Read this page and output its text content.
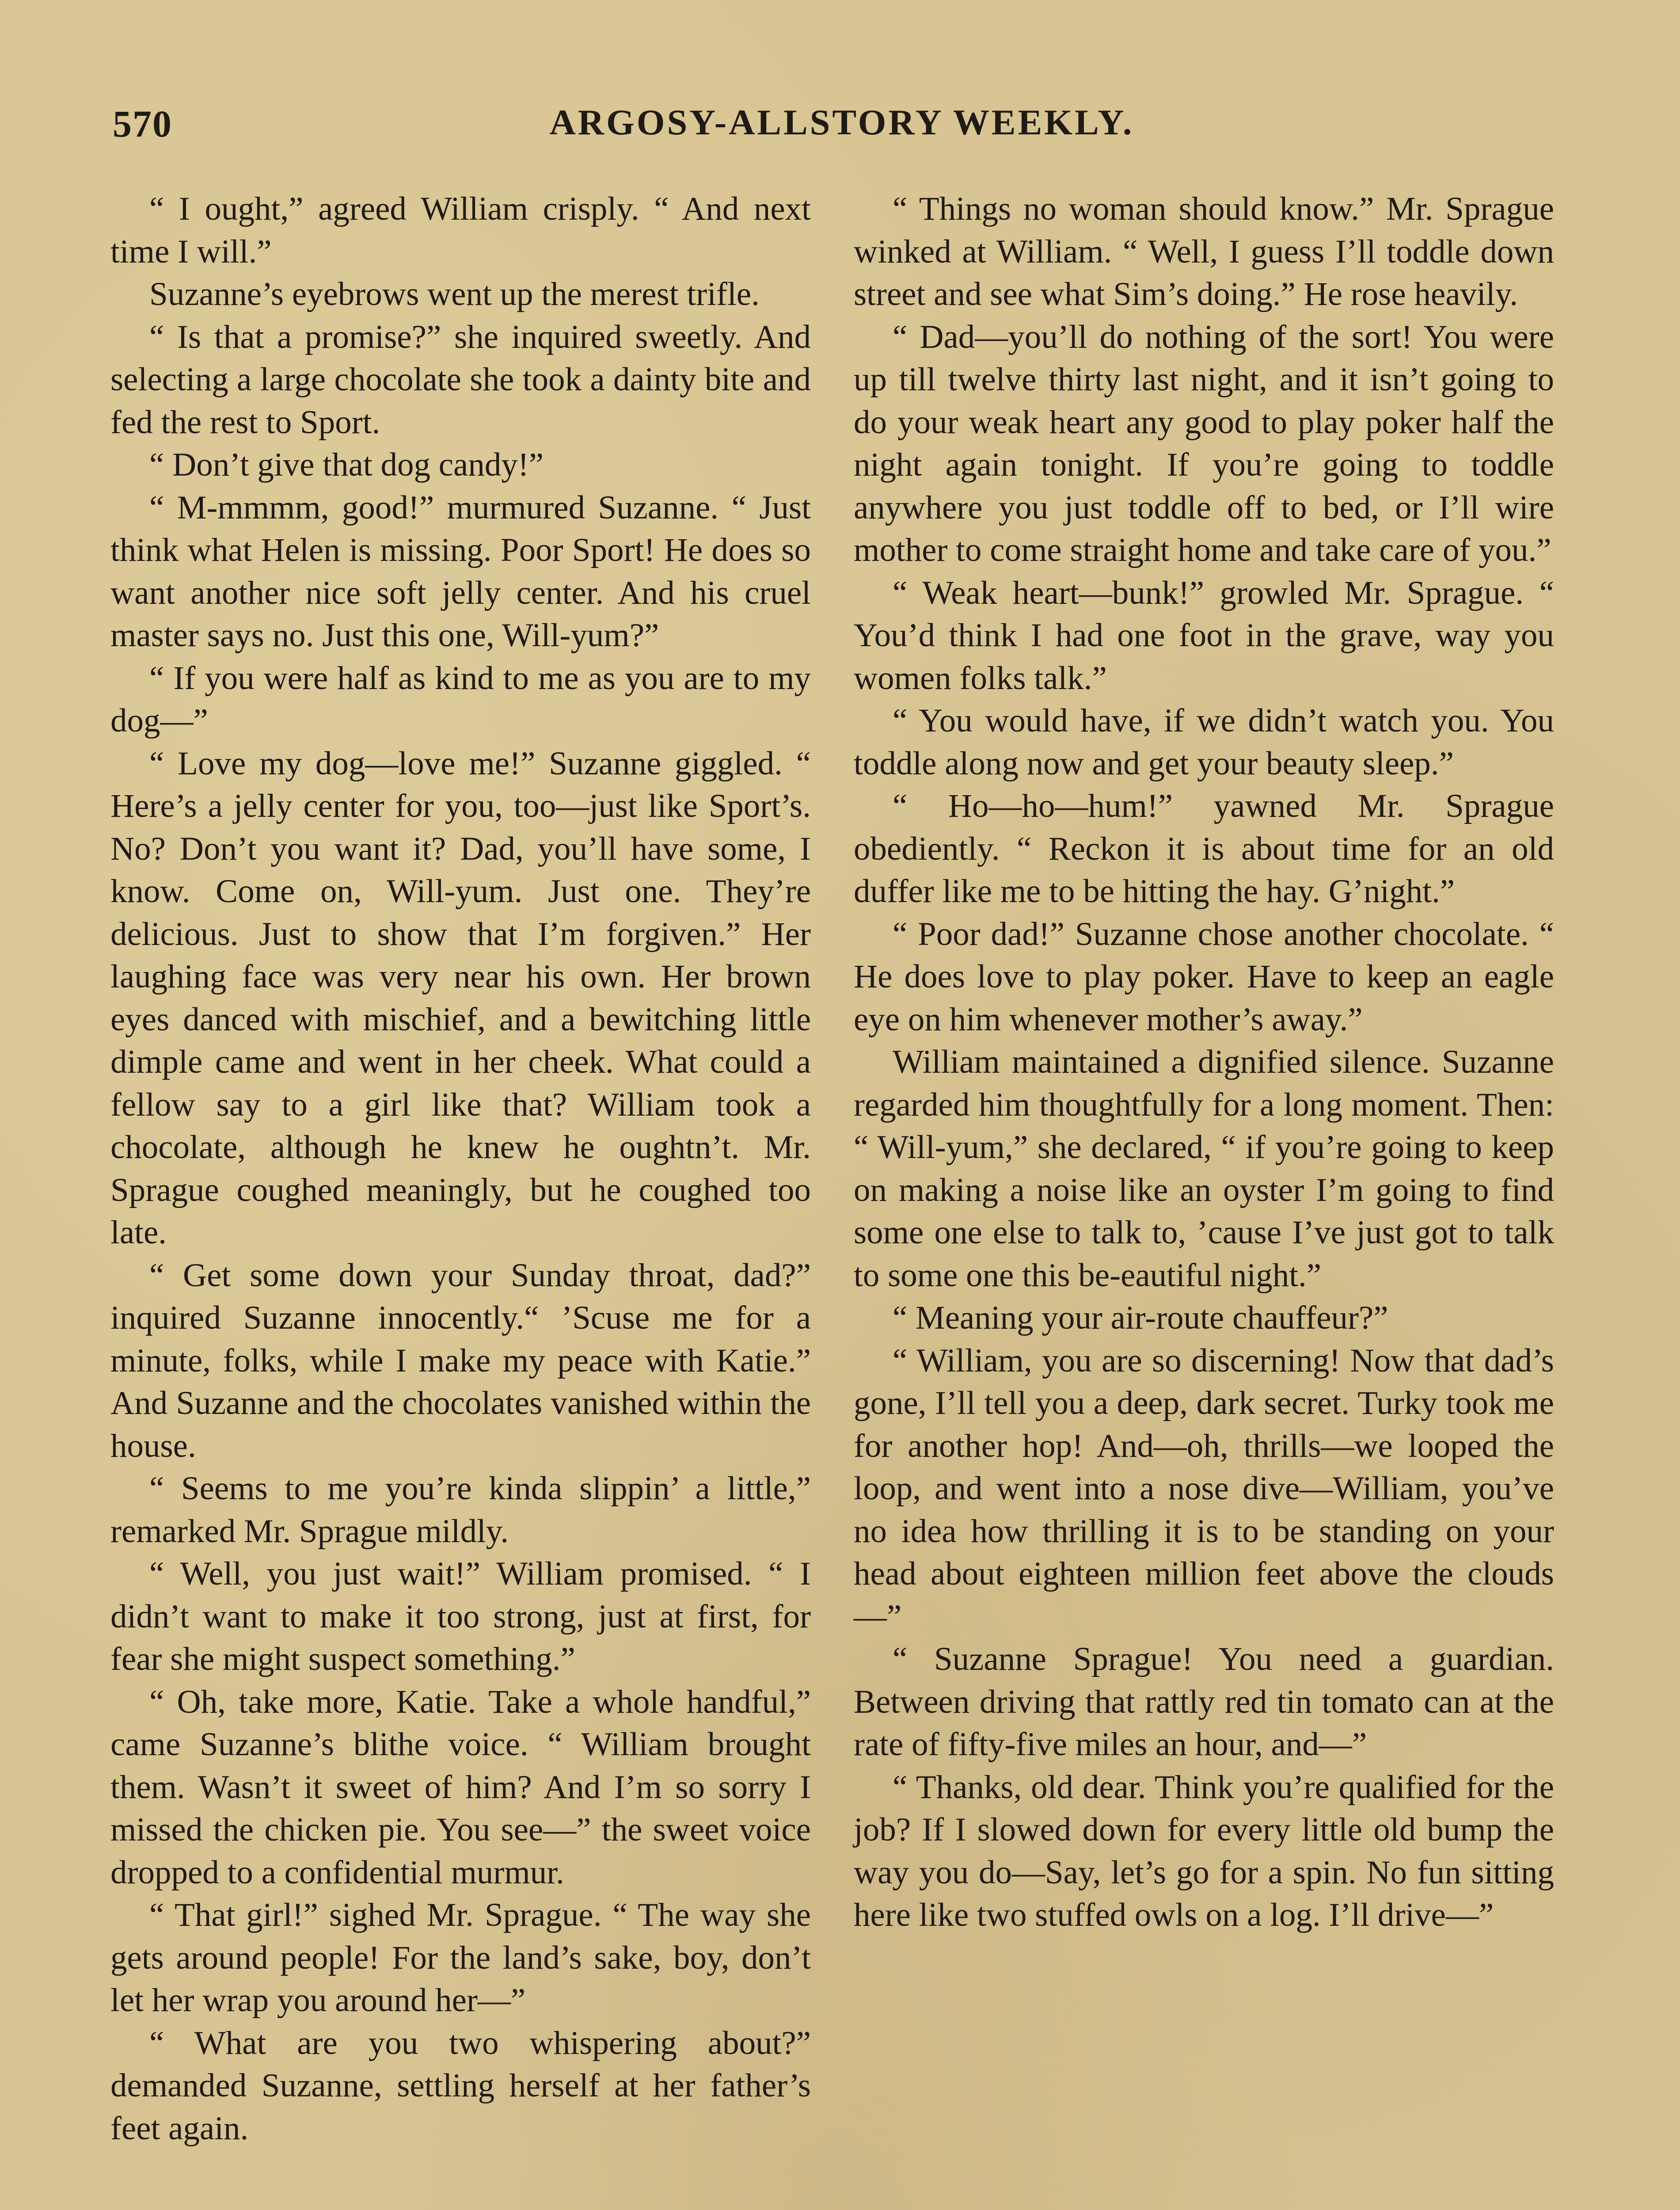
570	ARGOSY-ALLSTORY WEEKLY.

“ I ought,” agreed William crisply. “ And next time I will.”

Suzanne’s eyebrows went up the merest trifle.

“ Is that a promise?” she inquired sweetly. And selecting a large chocolate she took a dainty bite and fed the rest to Sport.

“ Don’t give that dog candy!”

“ M-mmmm, good!” murmured Suzanne. “ Just think what Helen is missing. Poor Sport! He does so want another nice soft jelly center. And his cruel master says no. Just this one, Will-yum?”

“ If you were half as kind to me as you are to my dog—”

“ Love my dog—love me!” Suzanne giggled. “ Here’s a jelly center for you, too—just like Sport’s. No? Don’t you want it? Dad, you’ll have some, I know. Come on, Will-yum. Just one. They’re delicious. Just to show that I’m forgiven.” Her laughing face was very near his own. Her brown eyes danced with mischief, and a bewitching little dimple came and went in her cheek. What could a fellow say to a girl like that? William took a chocolate, although he knew he oughtn’t. Mr. Sprague coughed meaningly, but he coughed too late.

“ Get some down your Sunday throat, dad?” inquired Suzanne innocently.“ ’Scuse me for a minute, folks, while I make my peace with Katie.” And Suzanne and the chocolates vanished within the house.

“ Seems to me you’re kinda slippin’ a little,” remarked Mr. Sprague mildly.

“ Well, you just wait!” William promised. “ I didn’t want to make it too strong, just at first, for fear she might suspect something.”

“ Oh, take more, Katie. Take a whole handful,” came Suzanne’s blithe voice. “ William brought them. Wasn’t it sweet of him? And I’m so sorry I missed the chicken pie. You see—” the sweet voice dropped to a confidential murmur.

“ That girl!” sighed Mr. Sprague. “ The way she gets around people! For the land’s sake, boy, don’t let her wrap you around her—”

“ What are you two whispering about?” demanded Suzanne, settling herself at her father’s feet again.

“ Things no woman should know.” Mr. Sprague winked at William. “ Well, I guess I’ll toddle down street and see what Sim’s doing.” He rose heavily.

“ Dad—you’ll do nothing of the sort! You were up till twelve thirty last night, and it isn’t going to do your weak heart any good to play poker half the night again tonight. If you’re going to toddle anywhere you just toddle off to bed, or I’ll wire mother to come straight home and take care of you.”

“ Weak heart—bunk!” growled Mr. Sprague. “ You’d think I had one foot in the grave, way you women folks talk.”

“ You would have, if we didn’t watch you. You toddle along now and get your beauty sleep.”

“ Ho—ho—hum!” yawned Mr. Sprague obediently. “ Reckon it is about time for an old duffer like me to be hitting the hay. G’night.”

“ Poor dad!” Suzanne chose another chocolate. “ He does love to play poker. Have to keep an eagle eye on him whenever mother’s away.”

William maintained a dignified silence. Suzanne regarded him thoughtfully for a long moment. Then: “ Will-yum,” she declared, “ if you’re going to keep on making a noise like an oyster I’m going to find some one else to talk to, ’cause I’ve just got to talk to some one this be-eautiful night.”

“ Meaning your air-route chauffeur?”

“ William, you are so discerning! Now that dad’s gone, I’ll tell you a deep, dark secret. Turky took me for another hop! And—oh, thrills—we looped the loop, and went into a nose dive—William, you’ve no idea how thrilling it is to be standing on your head about eighteen million feet above the clouds—”

“ Suzanne Sprague! You need a guardian. Between driving that rattly red tin tomato can at the rate of fifty-five miles an hour, and—”

“ Thanks, old dear. Think you’re qualified for the job? If I slowed down for every little old bump the way you do—Say, let’s go for a spin. No fun sitting here like two stuffed owls on a log. I’ll drive—”
